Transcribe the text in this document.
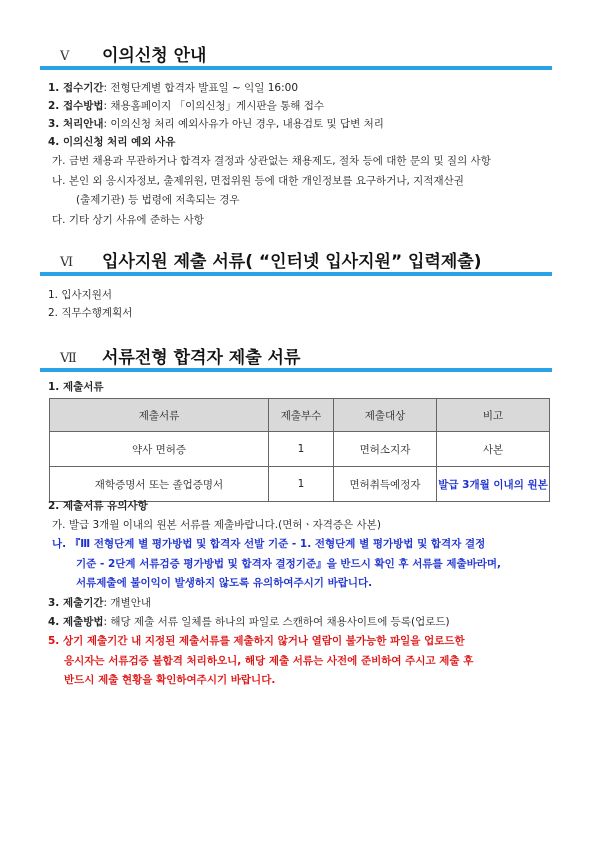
Ⅴ 이의신청 안내
1. 접수기간: 전형단계별 합격자 발표일 ~ 익일 16:00
2. 접수방법: 채용홈페이지 「이의신청」게시판을 통해 접수
3. 처리안내: 이의신청 처리 예외사유가 아닌 경우, 내용검토 및 답변 처리
4. 이의신청 처리 예외 사유
가. 금번 채용과 무관하거나 합격자 결정과 상관없는 채용제도, 절차 등에 대한 문의 및 질의 사항
나. 본인 외 응시자정보, 출제위원, 면접위원 등에 대한 개인정보를 요구하거나, 지적재산권
(출제기관) 등 법령에 저촉되는 경우
다. 기타 상기 사유에 준하는 사항
Ⅵ 입사지원 제출 서류( “인터넷 입사지원” 입력제출)
1. 입사지원서
2. 직무수행계획서
Ⅶ 서류전형 합격자 제출 서류
1. 제출서류
제출서류	제출부수	제출대상	비고
약사 면허증	1	면허소지자	사본
재학증명서 또는 졸업증명서	1	면허취득예정자	발급 3개월 이내의 원본
2. 제출서류 유의사항
가. 발급 3개월 이내의 원본 서류를 제출바랍니다.(면허ㆍ자격증은 사본)
나. 『Ⅲ 전형단계 별 평가방법 및 합격자 선발 기준 - 1. 전형단계 별 평가방법 및 합격자 결정
기준 - 2단계 서류검증 평가방법 및 합격자 결정기준』을 반드시 확인 후 서류를 제출바라며,
서류제출에 불이익이 발생하지 않도록 유의하여주시기 바랍니다.
3. 제출기간: 개별안내
4. 제출방법: 해당 제출 서류 일체를 하나의 파일로 스캔하여 채용사이트에 등록(업로드)
5. 상기 제출기간 내 지정된 제출서류를 제출하지 않거나 열람이 불가능한 파일을 업로드한
응시자는 서류검증 불합격 처리하오니, 해당 제출 서류는 사전에 준비하여 주시고 제출 후
반드시 제출 현황을 확인하여주시기 바랍니다.
